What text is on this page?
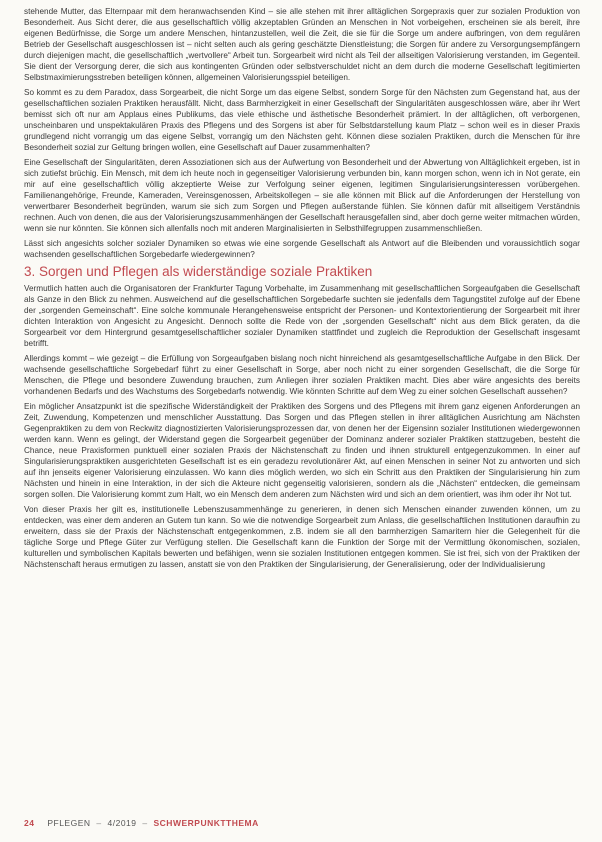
stehende Mutter, das Elternpaar mit dem heranwachsenden Kind – sie alle stehen mit ihrer alltäglichen Sorgepraxis quer zur sozialen Produktion von Besonderheit. Aus Sicht derer, die aus gesellschaftlich völlig akzeptablen Gründen an Menschen in Not vorbeigehen, erscheinen sie als bereit, ihre eigenen Bedürfnisse, die Sorge um andere Menschen, hintanzustellen, weil die Zeit, die sie für die Sorge um andere aufbringen, von dem regulären Betrieb der Gesellschaft ausgeschlossen ist – nicht selten auch als gering geschätzte Dienstleistung; die Sorgen für andere zu Versorgungsempfängern durch diejenigen macht, die gesellschaftlich „wertvollere“ Arbeit tun. Sorgearbeit wird nicht als Teil der allseitigen Valorisierung verstanden, im Gegenteil. Sie dient der Versorgung derer, die sich aus kontingenten Gründen oder selbstverschuldet nicht an dem durch die moderne Gesellschaft legitimierten Selbstmaximierungsstreben beteiligen können, allgemeinen Valorisierungsspiel beteiligen.

So kommt es zu dem Paradox, dass Sorgearbeit, die nicht Sorge um das eigene Selbst, sondern Sorge für den Nächsten zum Gegenstand hat, aus der gesellschaftlichen sozialen Praktiken herausfällt. Nicht, dass Barmherzigkeit in einer Gesellschaft der Singularitäten ausgeschlossen wäre, aber ihr Wert bemisst sich oft nur am Applaus eines Publikums, das viele ethische und ästhetische Besonderheit prämiert. In der alltäglichen, oft verborgenen, unscheinbaren und unspektakulären Praxis des Pflegens und des Sorgens ist aber für Selbstdarstellung kaum Platz – schon weil es in dieser Praxis grundlegend nicht vorrangig um das eigene Selbst, vorrangig um den Nächsten geht. Können diese sozialen Praktiken, durch die Menschen für ihre Besonderheit sozial zur Geltung bringen wollen, eine Gesellschaft auf Dauer zusammenhalten?

Eine Gesellschaft der Singularitäten, deren Assoziationen sich aus der Aufwertung von Besonderheit und der Abwertung von Alltäglichkeit ergeben, ist in sich zutiefst brüchig. Ein Mensch, mit dem ich heute noch in gegenseitiger Valorisierung verbunden bin, kann morgen schon, wenn ich in Not gerate, ein mir auf eine gesellschaftlich völlig akzeptierte Weise zur Verfolgung seiner eigenen, legitimen Singularisierungsinteressen vorübergehen. Familienangehörige, Freunde, Kameraden, Vereinsgenossen, Arbeitskollegen – sie alle können mit Blick auf die Anforderungen der Herstellung von verwertbarer Besonderheit begründen, warum sie sich zum Sorgen und Pflegen außerstande fühlen. Sie können dafür mit allseitigem Verständnis rechnen. Auch von denen, die aus der Valorisierungszusammenhängen der Gesellschaft herausgefallen sind, aber doch gerne weiter mitmachen würden, wenn sie nur könnten. Sie können sich allenfalls noch mit anderen Marginalisierten in Selbsthilfegruppen zusammenschließen.

Lässt sich angesichts solcher sozialer Dynamiken so etwas wie eine sorgende Gesellschaft als Antwort auf die Bleibenden und voraussichtlich sogar wachsenden gesellschaftlichen Sorgebedarfe wiedergewinnen?

3. Sorgen und Pflegen als widerständige soziale Praktiken

Vermutlich hatten auch die Organisatoren der Frankfurter Tagung Vorbehalte, im Zusammenhang mit gesellschaftlichen Sorgeaufgaben die Gesellschaft als Ganze in den Blick zu nehmen. Ausweichend auf die gesellschaftlichen Sorgebedarfe suchten sie jedenfalls dem Tagungstitel zufolge auf der Ebene der „sorgenden Gemeinschaft“. Eine solche kommunale Herangehensweise entspricht der Personen- und Kontextorientierung der Sorgearbeit mit ihrer dichten Interaktion von Angesicht zu Angesicht. Dennoch sollte die Rede von der „sorgenden Gesellschaft“ nicht aus dem Blick geraten, da die Sorgearbeit vor dem Hintergrund gesamtgesellschaftlicher sozialer Dynamiken stattfindet und zugleich die Reproduktion der Gesellschaft insgesamt betrifft.

Allerdings kommt – wie gezeigt – die Erfüllung von Sorgeaufgaben bislang noch nicht hinreichend als gesamtgesellschaftliche Aufgabe in den Blick. Der wachsende gesellschaftliche Sorgebedarf führt zu einer Gesellschaft in Sorge, aber noch nicht zu einer sorgenden Gesellschaft, die die Sorge für Menschen, die Pflege und besondere Zuwendung brauchen, zum Anliegen ihrer sozialen Praktiken macht. Dies aber wäre angesichts des bereits vorhandenen Bedarfs und des Wachstums des Sorgebedarfs notwendig. Wie könnten Schritte auf dem Weg zu einer solchen Gesellschaft aussehen?

Ein möglicher Ansatzpunkt ist die spezifische Widerständigkeit der Praktiken des Sorgens und des Pflegens mit ihrem ganz eigenen Anforderungen an Zeit, Zuwendung, Kompetenzen und menschlicher Ausstattung. Das Sorgen und das Pflegen stellen in ihrer alltäglichen Ausrichtung am Nächsten Gegenpraktiken zu dem von Reckwitz diagnostizierten Valorisierungsprozessen dar, von denen her der Eigensinn sozialer Institutionen wiedergewonnen werden kann. Wenn es gelingt, der Widerstand gegen die Sorgearbeit gegenüber der Dominanz anderer sozialer Praktiken stattzugeben, besteht die Chance, neue Praxisformen punktuell einer sozialen Praxis der Nächstenschaft zu finden und ihnen strukturell entgegenzukommen. In einer auf Singularisierungspraktiken ausgerichteten Gesellschaft ist es ein geradezu revolutionärer Akt, auf einen Menschen in seiner Not zu antworten und sich auf ihn jenseits eigener Valorisierung einzulassen. Wo kann dies möglich werden, wo sich ein Schritt aus den Praktiken der Singularisierung hin zum Nächsten und hinein in eine Interaktion, in der sich die Akteure nicht gegenseitig valorisieren, sondern als die „Nächsten“ entdecken, die gemeinsam sorgen sollen. Die Valorisierung kommt zum Halt, wo ein Mensch dem anderen zum Nächsten wird und sich an dem orientiert, was ihm oder ihr Not tut.

Von dieser Praxis her gilt es, institutionelle Lebenszusammenhänge zu generieren, in denen sich Menschen einander zuwenden können, um zu entdecken, was einer dem anderen an Gutem tun kann. So wie die notwendige Sorgearbeit zum Anlass, die gesellschaftlichen Institutionen daraufhin zu erweitern, dass sie der Praxis der Nächstenschaft entgegenkommen, z.B. indem sie all den barmherzigen Samaritern hier die Gelegenheit für die tägliche Sorge und Pflege Güter zur Verfügung stellen. Die Gesellschaft kann die Funktion der Sorge mit der Vermittlung ökonomischen, sozialen, kulturellen und symbolischen Kapitals bewerten und befähigen, wenn sie sozialen Institutionen entgegen kommen. Sie ist frei, sich von der Praktiken der Nächstenschaft heraus ermutigen zu lassen, anstatt sie von den Praktiken der Singularisierung, der Generalisierung, oder der Individualisierung

24 PFLEGEN – 4/2019 – SCHWERPUNKTTHEMA
